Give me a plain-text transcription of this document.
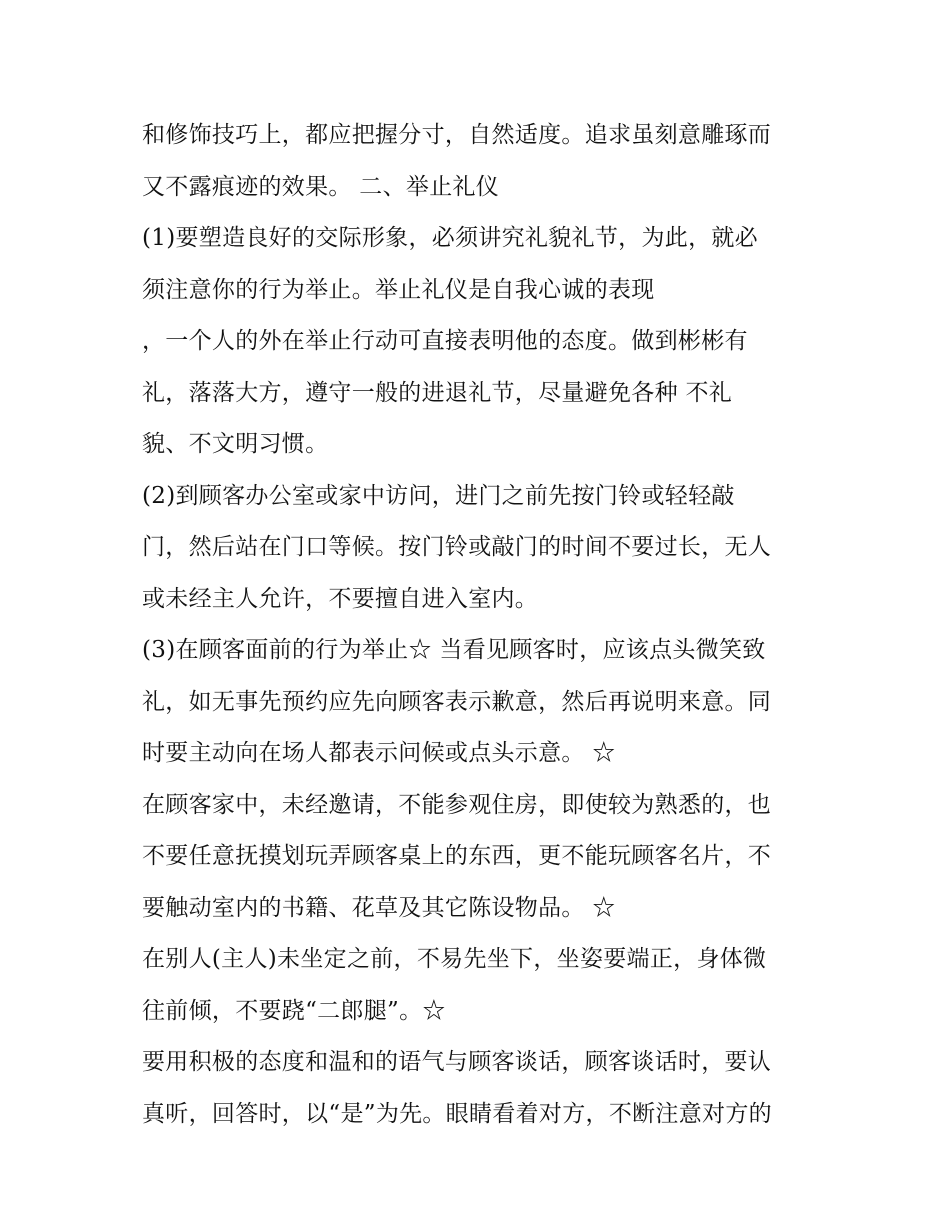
和修饰技巧上，都应把握分寸，自然适度。追求虽刻意雕琢而
又不露痕迹的效果。 二、举止礼仪
(1)要塑造良好的交际形象，必须讲究礼貌礼节，为此，就必
须注意你的行为举止。举止礼仪是自我心诚的表现
，一个人的外在举止行动可直接表明他的态度。做到彬彬有
礼，落落大方，遵守一般的进退礼节，尽量避免各种 不礼
貌、不文明习惯。
(2)到顾客办公室或家中访问，进门之前先按门铃或轻轻敲
门，然后站在门口等候。按门铃或敲门的时间不要过长，无人
或未经主人允许，不要擅自进入室内。
(3)在顾客面前的行为举止☆ 当看见顾客时，应该点头微笑致
礼，如无事先预约应先向顾客表示歉意，然后再说明来意。同
时要主动向在场人都表示问候或点头示意。 ☆
在顾客家中，未经邀请，不能参观住房，即使较为熟悉的，也
不要任意抚摸划玩弄顾客桌上的东西，更不能玩顾客名片，不
要触动室内的书籍、花草及其它陈设物品。 ☆
在别人(主人)未坐定之前，不易先坐下，坐姿要端正，身体微
往前倾，不要跷“二郎腿”。☆
要用积极的态度和温和的语气与顾客谈话，顾客谈话时，要认
真听，回答时，以“是”为先。眼睛看着对方，不断注意对方的
